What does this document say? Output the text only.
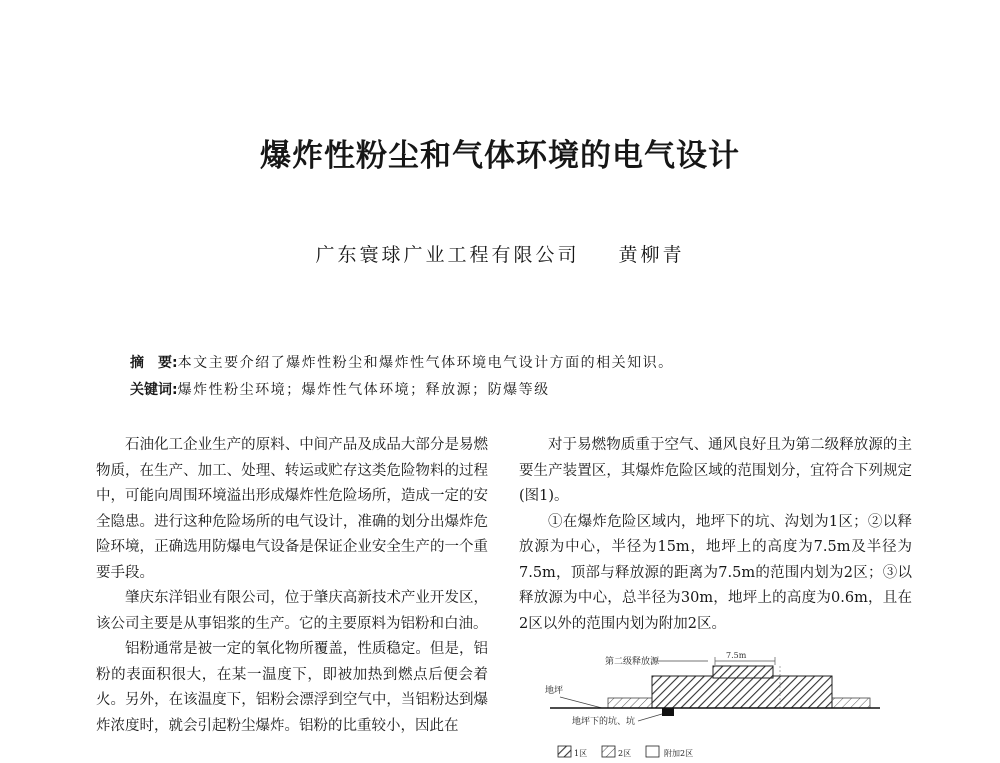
爆炸性粉尘和气体环境的电气设计
广东寰球广业工程有限公司 黄柳青
摘　要:本文主要介绍了爆炸性粉尘和爆炸性气体环境电气设计方面的相关知识。
关键词:爆炸性粉尘环境；爆炸性气体环境；释放源；防爆等级

石油化工企业生产的原料、中间产品及成品大部分是易燃物质，在生产、加工、处理、转运或贮存这类危险物料的过程中，可能向周围环境溢出形成爆炸性危险场所，造成一定的安全隐患。进行这种危险场所的电气设计，准确的划分出爆炸危险环境，正确选用防爆电气设备是保证企业安全生产的一个重要手段。

肇庆东洋铝业有限公司，位于肇庆高新技术产业开发区，该公司主要是从事铝浆的生产。它的主要原料为铝粉和白油。

铝粉通常是被一定的氧化物所覆盖，性质稳定。但是，铝粉的表面积很大，在某一温度下，即被加热到燃点后便会着火。另外，在该温度下，铝粉会漂浮到空气中，当铝粉达到爆炸浓度时，就会引起粉尘爆炸。铝粉的比重较小，因此在

对于易燃物质重于空气、通风良好且为第二级释放源的主要生产装置区，其爆炸危险区域的范围划分，宜符合下列规定(图1)。

①在爆炸危险区域内，地坪下的坑、沟划为1区；②以释放源为中心，半径为15m，地坪上的高度为7.5m及半径为7.5m，顶部与释放源的距离为7.5m的范围内划为2区；③以释放源为中心，总半径为30m，地坪上的高度为0.6m，且在2区以外的范围内划为附加2区。

第二级释放源
7.5m
地坪
地坪下的坑、坑
1区	2区	附加2区
